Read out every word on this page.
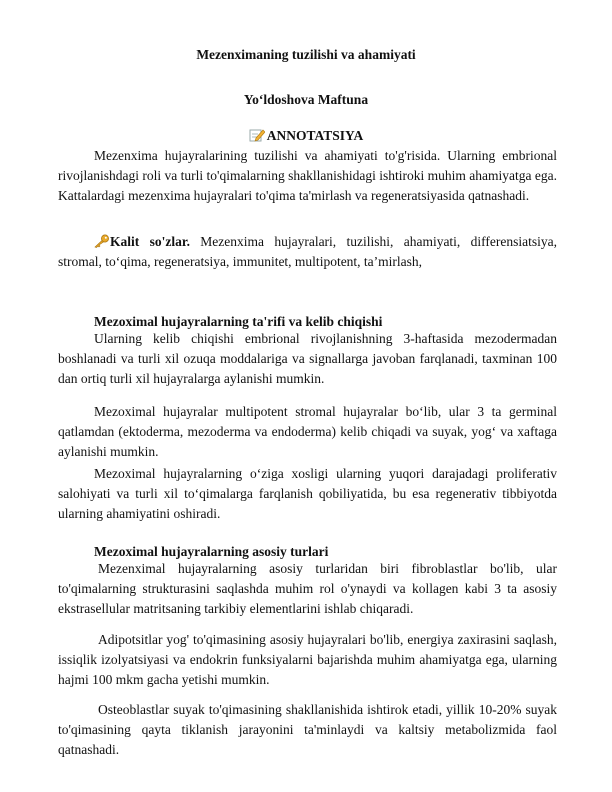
Mezenximaning tuzilishi va ahamiyati
Yo‘ldoshova Maftuna
ANNOTATSIYA
Mezenxima hujayralarining tuzilishi va ahamiyati to'g'risida. Ularning embrional rivojlanishdagi roli va turli to'qimalarning shakllanishidagi ishtiroki muhim ahamiyatga ega. Kattalardagi mezenxima hujayralari to'qima ta'mirlash va regeneratsiyasida qatnashadi.
Kalit so'zlar. Mezenxima hujayralari, tuzilishi, ahamiyati, differensiatsiya, stromal, to‘qima, regeneratsiya, immunitet, multipotent, ta’mirlash,
Mezoximal hujayralarning ta'rifi va kelib chiqishi
Ularning kelib chiqishi embrional rivojlanishning 3-haftasida mezodermadan boshlanadi va turli xil ozuqa moddalariga va signallarga javoban farqlanadi, taxminan 100 dan ortiq turli xil hujayralarga aylanishi mumkin.
Mezoximal hujayralar multipotent stromal hujayralar bo‘lib, ular 3 ta germinal qatlamdan (ektoderma, mezoderma va endoderma) kelib chiqadi va suyak, yog‘ va xaftaga aylanishi mumkin.
Mezoximal hujayralarning o‘ziga xosligi ularning yuqori darajadagi proliferativ salohiyati va turli xil to‘qimalarga farqlanish qobiliyatida, bu esa regenerativ tibbiyotda ularning ahamiyatini oshiradi.
Mezoximal hujayralarning asosiy turlari
Mezenximal hujayralarning asosiy turlaridan biri fibroblastlar bo'lib, ular to'qimalarning strukturasini saqlashda muhim rol o'ynaydi va kollagen kabi 3 ta asosiy ekstrasellular matritsaning tarkibiy elementlarini ishlab chiqaradi.
Adipotsitlar yog' to'qimasining asosiy hujayralari bo'lib, energiya zaxirasini saqlash, issiqlik izolyatsiyasi va endokrin funksiyalarni bajarishda muhim ahamiyatga ega, ularning hajmi 100 mkm gacha yetishi mumkin.
Osteoblastlar suyak to'qimasining shakllanishida ishtirok etadi, yillik 10-20% suyak to'qimasining qayta tiklanish jarayonini ta'minlaydi va kaltsiy metabolizmida faol qatnashadi.
